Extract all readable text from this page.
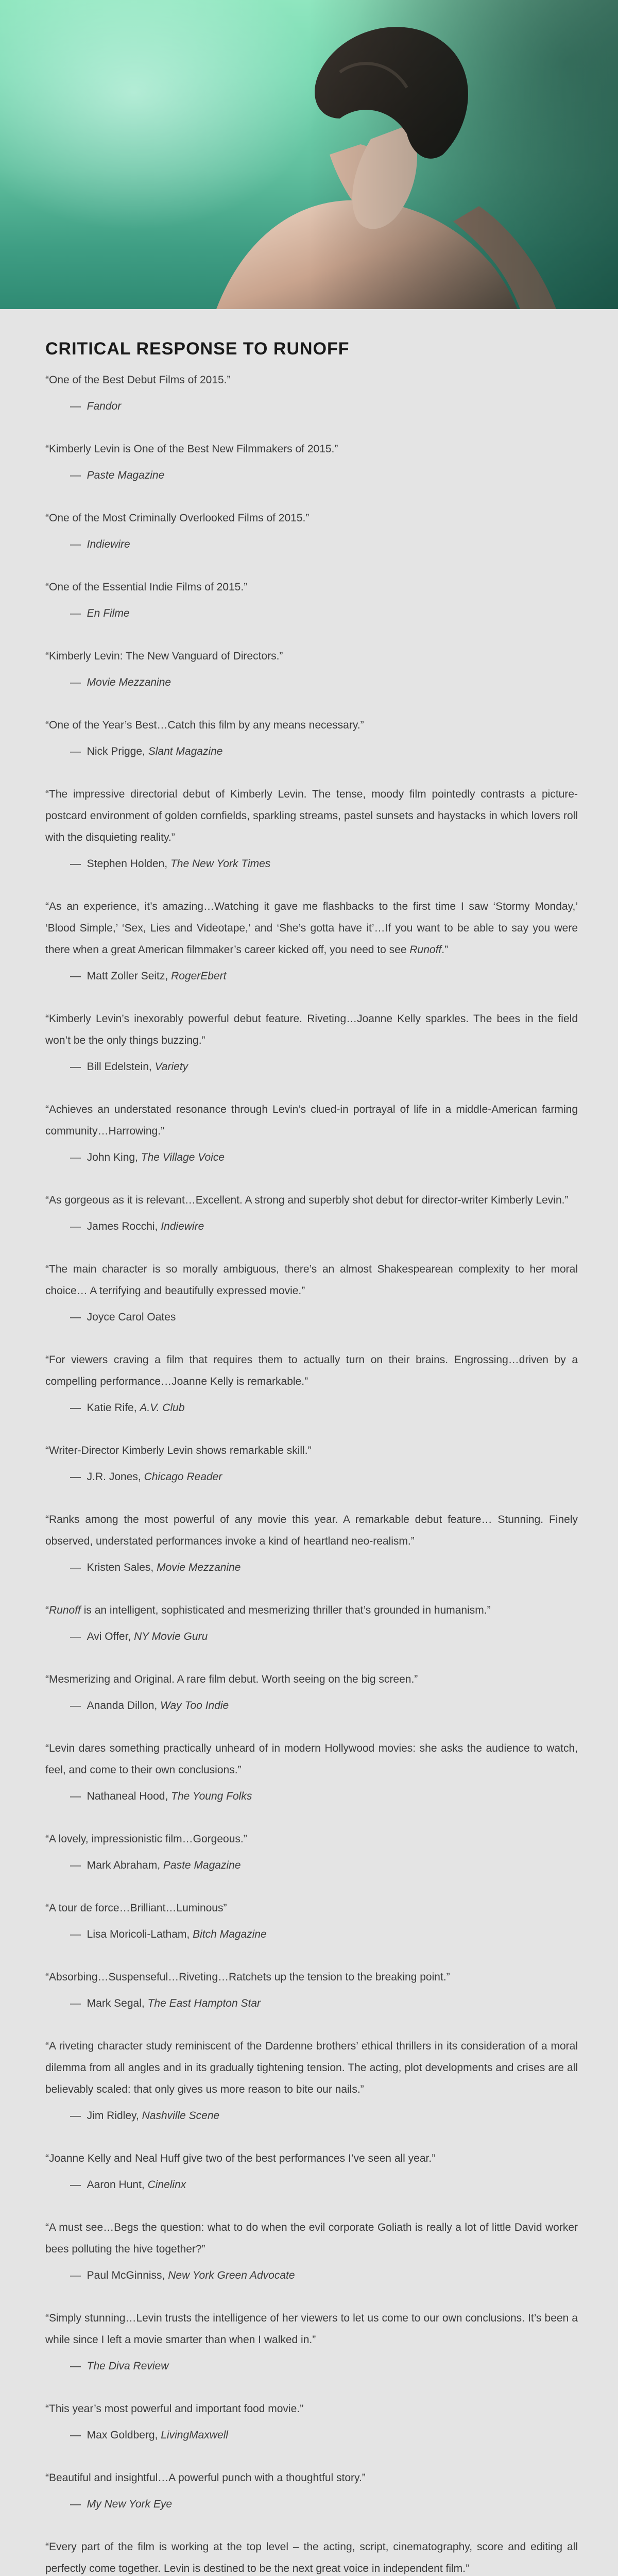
CRITICAL RESPONSE TO RUNOFF

“One of the Best Debut Films of 2015.”

— Fandor

“Kimberly Levin is One of the Best New Filmmakers of 2015.”

— Paste Magazine

“One of the Most Criminally Overlooked Films of 2015.”

— Indiewire

“One of the Essential Indie Films of 2015.”

— En Filme

“Kimberly Levin: The New Vanguard of Directors.”

— Movie Mezzanine

“One of the Year’s Best…Catch this film by any means necessary.”

— Nick Prigge, Slant Magazine

“The impressive directorial debut of Kimberly Levin. The tense, moody film pointedly contrasts a picture-postcard environment of golden cornfields, sparkling streams, pastel sunsets and haystacks in which lovers roll with the disquieting reality.”

— Stephen Holden, The New York Times

“As an experience, it’s amazing…Watching it gave me flashbacks to the first time I saw ‘Stormy Monday,’ ‘Blood Simple,’ ‘Sex, Lies and Videotape,’ and ‘She’s gotta have it’…If you want to be able to say you were there when a great American filmmaker’s career kicked off, you need to see Runoff.”

— Matt Zoller Seitz, RogerEbert

“Kimberly Levin’s inexorably powerful debut feature. Riveting…Joanne Kelly sparkles. The bees in the field won’t be the only things buzzing.”

— Bill Edelstein, Variety

“Achieves an understated resonance through Levin’s clued-in portrayal of life in a middle-American farming community…Harrowing.”

— John King, The Village Voice

“As gorgeous as it is relevant…Excellent. A strong and superbly shot debut for director-writer Kimberly Levin.”

— James Rocchi, Indiewire

“The main character is so morally ambiguous, there’s an almost Shakespearean complexity to her moral choice… A terrifying and beautifully expressed movie.”

— Joyce Carol Oates

“For viewers craving a film that requires them to actually turn on their brains. Engrossing…driven by a compelling performance…Joanne Kelly is remarkable.”

— Katie Rife, A.V. Club

“Writer-Director Kimberly Levin shows remarkable skill.”

— J.R. Jones, Chicago Reader

“Ranks among the most powerful of any movie this year. A remarkable debut feature… Stunning. Finely observed, understated performances invoke a kind of heartland neo-realism.”

— Kristen Sales, Movie Mezzanine

“Runoff is an intelligent, sophisticated and mesmerizing thriller that’s grounded in humanism.”

— Avi Offer, NY Movie Guru

“Mesmerizing and Original. A rare film debut. Worth seeing on the big screen.”

— Ananda Dillon, Way Too Indie

“Levin dares something practically unheard of in modern Hollywood movies: she asks the audience to watch, feel, and come to their own conclusions.”

— Nathaneal Hood, The Young Folks

“A lovely, impressionistic film…Gorgeous.”

— Mark Abraham, Paste Magazine

“A tour de force…Brilliant…Luminous”

— Lisa Moricoli-Latham, Bitch Magazine

“Absorbing…Suspenseful…Riveting…Ratchets up the tension to the breaking point.”

— Mark Segal, The East Hampton Star

“A riveting character study reminiscent of the Dardenne brothers’ ethical thrillers in its consideration of a moral dilemma from all angles and in its gradually tightening tension. The acting, plot developments and crises are all believably scaled: that only gives us more reason to bite our nails.”

— Jim Ridley, Nashville Scene

“Joanne Kelly and Neal Huff give two of the best performances I’ve seen all year.”

— Aaron Hunt, Cinelinx

“A must see…Begs the question: what to do when the evil corporate Goliath is really a lot of little David worker bees polluting the hive together?”

— Paul McGinniss, New York Green Advocate

“Simply stunning…Levin trusts the intelligence of her viewers to let us come to our own conclusions. It’s been a while since I left a movie smarter than when I walked in.”

— The Diva Review

“This year’s most powerful and important food movie.”

— Max Goldberg, LivingMaxwell

“Beautiful and insightful…A powerful punch with a thoughtful story.”

— My New York Eye

“Every part of the film is working at the top level – the acting, script, cinematography, score and editing all perfectly come together. Levin is destined to be the next great voice in independent film.”
